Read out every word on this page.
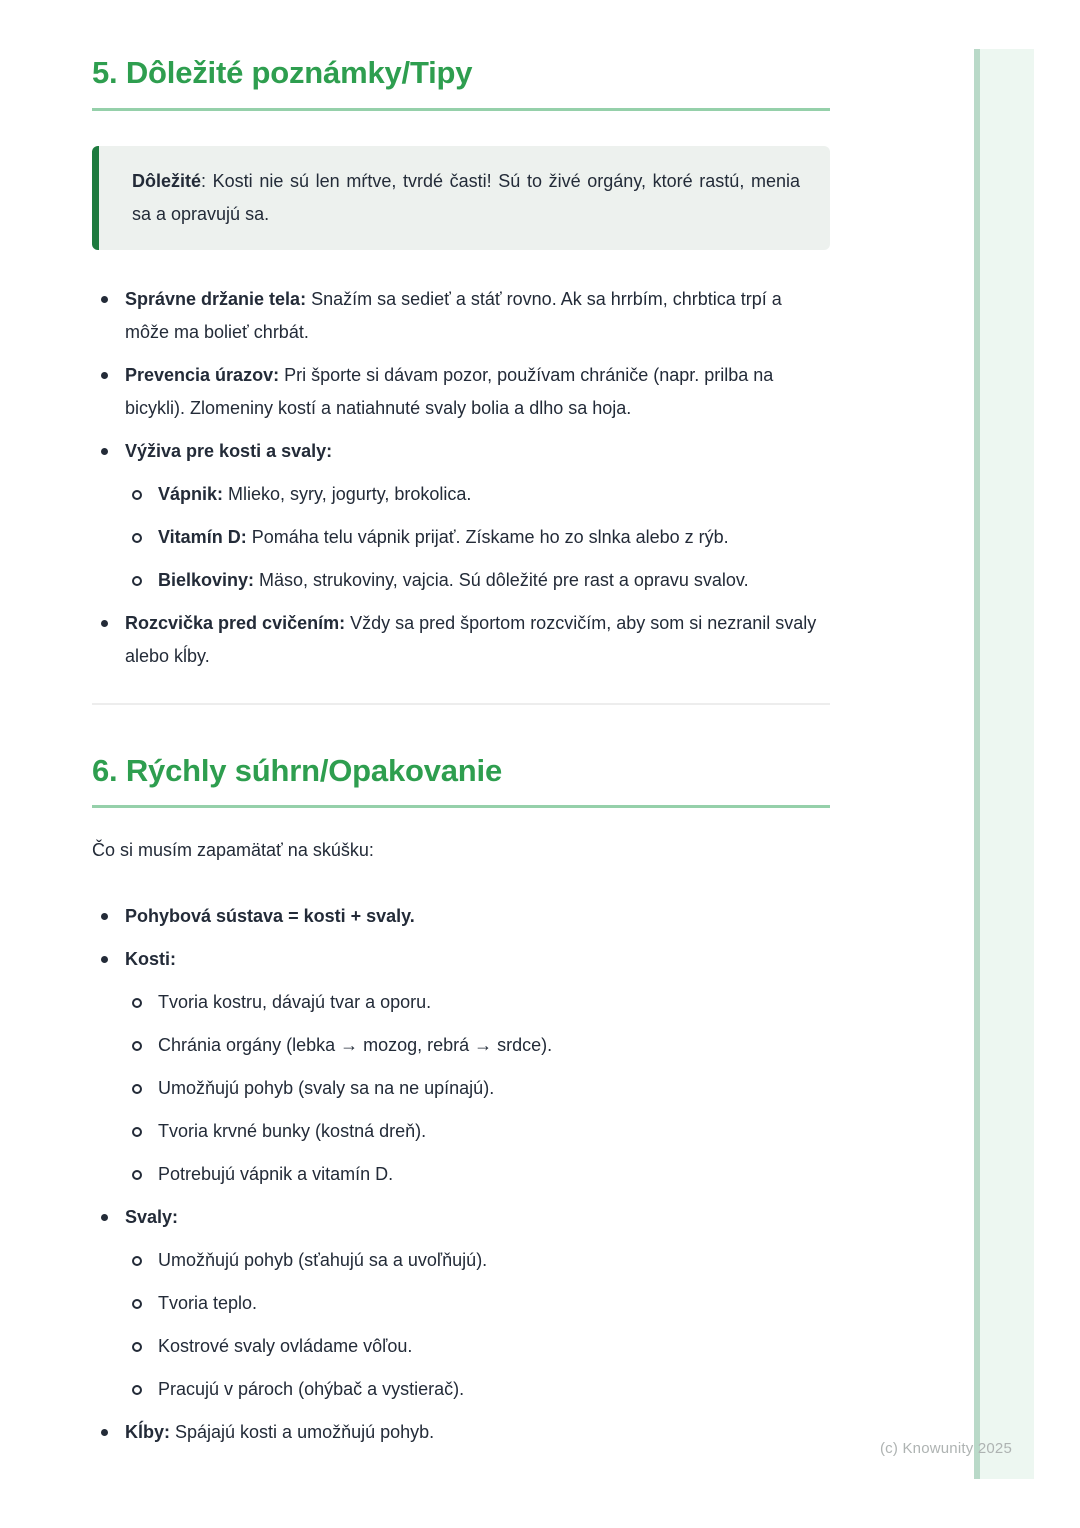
(c) Knowunity 2025
5. Dôležité poznámky/Tipy
Dôležité: Kosti nie sú len mŕtve, tvrdé časti! Sú to živé orgány, ktoré rastú, menia sa a opravujú sa.
Správne držanie tela: Snažím sa sedieť a stáť rovno. Ak sa hrrbím, chrbtica trpí a môže ma bolieť chrbát.
Prevencia úrazov: Pri športe si dávam pozor, používam chrániče (napr. prilba na bicykli). Zlomeniny kostí a natiahnuté svaly bolia a dlho sa hoja.
Výživa pre kosti a svaly:
Vápnik: Mlieko, syry, jogurty, brokolica.
Vitamín D: Pomáha telu vápnik prijať. Získame ho zo slnka alebo z rýb.
Bielkoviny: Mäso, strukoviny, vajcia. Sú dôležité pre rast a opravu svalov.
Rozcvička pred cvičením: Vždy sa pred športom rozcvičím, aby som si nezranil svaly alebo kĺby.
6. Rýchly súhrn/Opakovanie

Čo si musím zapamätať na skúšku:

Pohybová sústava = kosti + svaly.
Kosti:
Tvoria kostru, dávajú tvar a oporu.
Chránia orgány (lebka → mozog, rebrá → srdce).
Umožňujú pohyb (svaly sa na ne upínajú).
Tvoria krvné bunky (kostná dreň).
Potrebujú vápnik a vitamín D.
Svaly:
Umožňujú pohyb (sťahujú sa a uvoľňujú).
Tvoria teplo.
Kostrové svaly ovládame vôľou.
Pracujú v pároch (ohýbač a vystierač).
Kĺby: Spájajú kosti a umožňujú pohyb.
